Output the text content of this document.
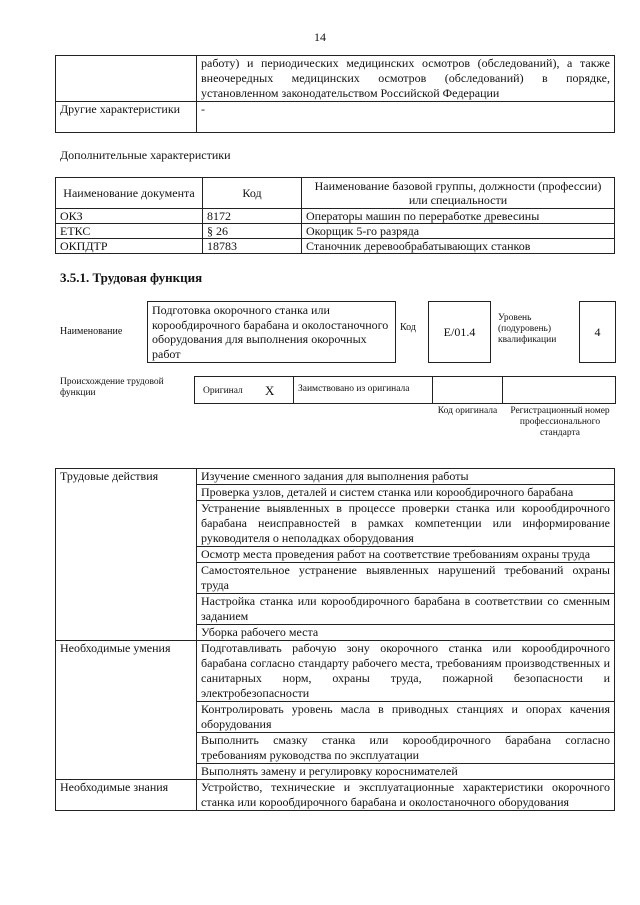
14
	работу) и периодических медицинских осмотров (обследований), а также внеочередных медицинских осмотров (обследований) в порядке, установленном законодательством Российской Федерации
Другие характеристики	-
Дополнительные характеристики
Наименование документа	Код	Наименование базовой группы, должности (профессии) или специальности
ОКЗ	8172	Операторы машин по переработке древесины
ЕТКС	§ 26	Окорщик 5-го разряда
ОКПДТР	18783	Станочник деревообрабатывающих станков
3.5.1. Трудовая функция
Наименование
Подготовка окорочного станка или корообдирочного барабана и околостаночного оборудования для выполнения окорочных работ
Код	E/01.4
Уровень (подуровень) квалификации
4
Происхождение трудовой функции	Оригинал X	Заимствовано из оригинала
Код оригинала	Регистрационный номер профессионального стандарта
Трудовые действия	Изучение сменного задания для выполнения работы
	Проверка узлов, деталей и систем станка или корообдирочного барабана
	Устранение выявленных в процессе проверки станка или корообдирочного барабана неисправностей в рамках компетенции или информирование руководителя о неполадках оборудования
	Осмотр места проведения работ на соответствие требованиям охраны труда
	Самостоятельное устранение выявленных нарушений требований охраны труда
	Настройка станка или корообдирочного барабана в соответствии со сменным заданием
	Уборка рабочего места
Необходимые умения	Подготавливать рабочую зону окорочного станка или корообдирочного барабана согласно стандарту рабочего места, требованиям производственных и санитарных норм, охраны труда, пожарной безопасности и электробезопасности
	Контролировать уровень масла в приводных станциях и опорах качения оборудования
	Выполнить смазку станка или корообдирочного барабана согласно требованиям руководства по эксплуатации
	Выполнять замену и регулировку короснимателей
Необходимые знания	Устройство, технические и эксплуатационные характеристики окорочного станка или корообдирочного барабана и околостаночного оборудования
